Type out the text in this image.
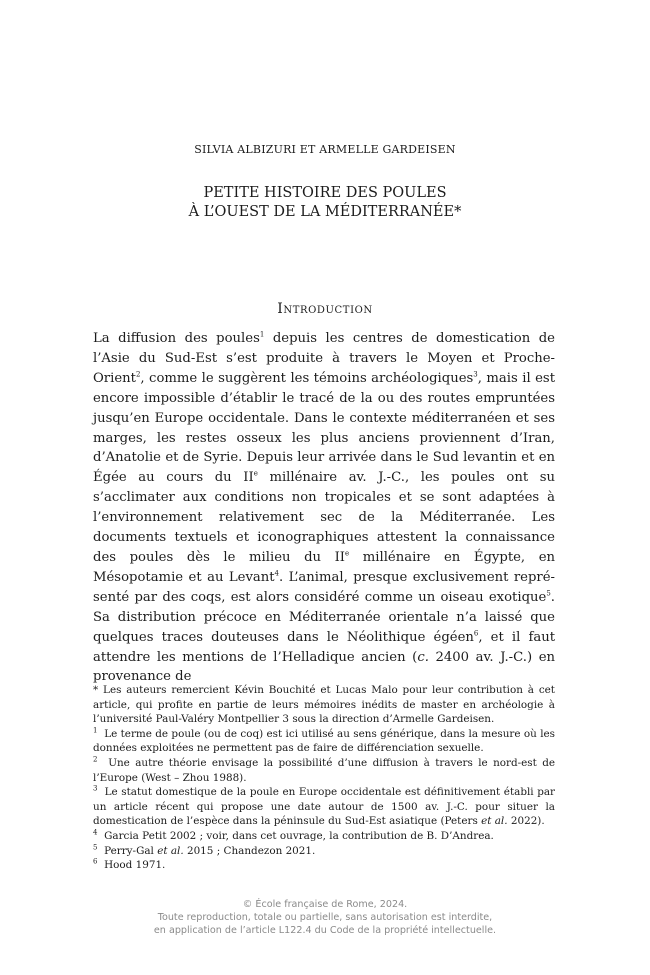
SILVIA ALBIZURI ET ARMELLE GARDEISEN
PETITE HISTOIRE DES POULES
À L’OUEST DE LA MÉDITERRANÉE*
Introduction

La diffusion des poules$^1$ depuis les centres de domestication de l’Asie du Sud-Est s’est produite à travers le Moyen et Proche-Orient$^2$, comme le suggèrent les témoins archéologiques$^3$, mais il est encore impossible d’établir le tracé de la ou des routes empruntées jusqu’en Europe occidentale. Dans le contexte méditerranéen et ses marges, les restes osseux les plus anciens proviennent d’Iran, d’Anatolie et de Syrie. Depuis leur arrivée dans le Sud levantin et en Égée au cours du IIe millénaire av. J.-C., les poules ont su s’acclimater aux conditions non tropicales et se sont adaptées à l’environnement relativement sec de la Méditerranée. Les documents textuels et iconographiques attestent la connaissance des poules dès le milieu du IIe millénaire en Égypte, en Mésopotamie et au Levant$^4$. L’animal, presque exclusivement représenté par des coqs, est alors considéré comme un oiseau exotique$^5$. Sa distribution précoce en Méditerranée orientale n’a laissé que quelques traces douteuses dans le Néolithique égéen$^6$, et il faut attendre les mentions de l’Helladique ancien (c. 2400 av. J.-C.) en provenance de

* Les auteurs remercient Kévin Bouchité et Lucas Malo pour leur contribution à cet article, qui profite en partie de leurs mémoires inédits de master en archéologie à l’université Paul-Valéry Montpellier 3 sous la direction d’Armelle Gardeisen.

$^1$ Le terme de poule (ou de coq) est ici utilisé au sens générique, dans la mesure où les données exploitées ne permettent pas de faire de différenciation sexuelle.

$^2$ Une autre théorie envisage la possibilité d’une diffusion à travers le nord-est de l’Europe (West – Zhou 1988).

$^3$ Le statut domestique de la poule en Europe occidentale est définitivement établi par un article récent qui propose une date autour de 1500 av. J.-C. pour situer la domestication de l’espèce dans la péninsule du Sud-Est asiatique (Peters et al. 2022).

$^4$ Garcia Petit 2002 ; voir, dans cet ouvrage, la contribution de B. D’Andrea.

$^5$ Perry-Gal et al. 2015 ; Chandezon 2021.

$^6$ Hood 1971.

© École française de Rome, 2024.
Toute reproduction, totale ou partielle, sans autorisation est interdite,
en application de l’article L122.4 du Code de la propriété intellectuelle.
